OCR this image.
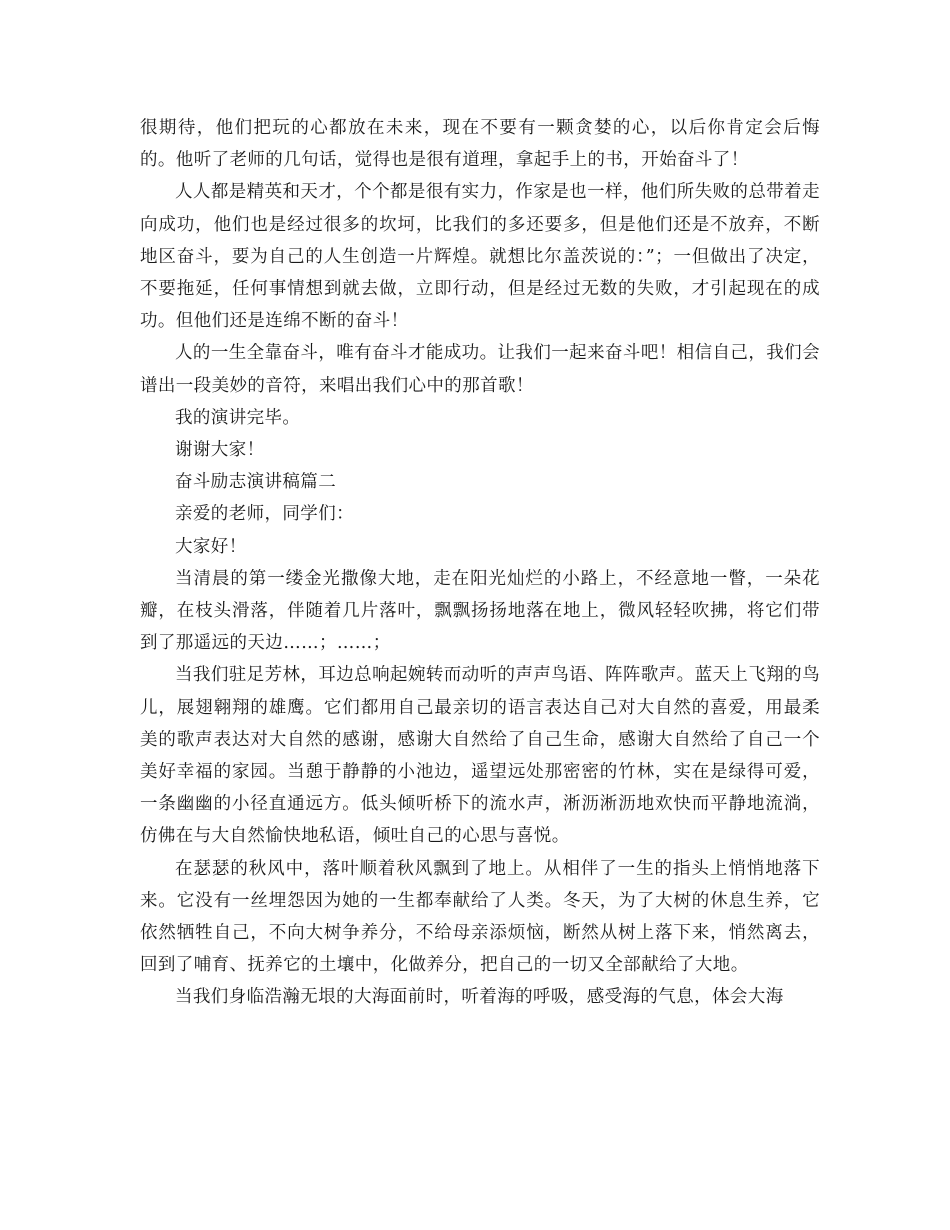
很期待，他们把玩的心都放在未来，现在不要有一颗贪婪的心，以后你肯定会后悔的。他听了老师的几句话，觉得也是很有道理，拿起手上的书，开始奋斗了！

人人都是精英和天才，个个都是很有实力，作家是也一样，他们所失败的总带着走向成功，他们也是经过很多的坎坷，比我们的多还要多，但是他们还是不放弃，不断地区奋斗，要为自己的人生创造一片辉煌。就想比尔盖茨说的：”；一但做出了决定，不要拖延，任何事情想到就去做，立即行动，但是经过无数的失败，才引起现在的成功。但他们还是连绵不断的奋斗！

人的一生全靠奋斗，唯有奋斗才能成功。让我们一起来奋斗吧！相信自己，我们会谱出一段美妙的音符，来唱出我们心中的那首歌！

我的演讲完毕。

谢谢大家！

奋斗励志演讲稿篇二

亲爱的老师，同学们：

大家好！

当清晨的第一缕金光撒像大地，走在阳光灿烂的小路上，不经意地一瞥，一朵花瓣，在枝头滑落，伴随着几片落叶，飘飘扬扬地落在地上，微风轻轻吹拂，将它们带到了那遥远的天边……；……；

当我们驻足芳林，耳边总响起婉转而动听的声声鸟语、阵阵歌声。蓝天上飞翔的鸟儿，展翅翱翔的雄鹰。它们都用自己最亲切的语言表达自己对大自然的喜爱，用最柔美的歌声表达对大自然的感谢，感谢大自然给了自己生命，感谢大自然给了自己一个美好幸福的家园。当憩于静静的小池边，遥望远处那密密的竹林，实在是绿得可爱，一条幽幽的小径直通远方。低头倾听桥下的流水声，淅沥淅沥地欢快而平静地流淌，仿佛在与大自然愉快地私语，倾吐自己的心思与喜悦。

在瑟瑟的秋风中，落叶顺着秋风飘到了地上。从相伴了一生的指头上悄悄地落下来。它没有一丝埋怨因为她的一生都奉献给了人类。冬天，为了大树的休息生养，它依然牺牲自己，不向大树争养分，不给母亲添烦恼，断然从树上落下来，悄然离去，回到了哺育、抚养它的土壤中，化做养分，把自己的一切又全部献给了大地。

当我们身临浩瀚无垠的大海面前时，听着海的呼吸，感受海的气息，体会大海
